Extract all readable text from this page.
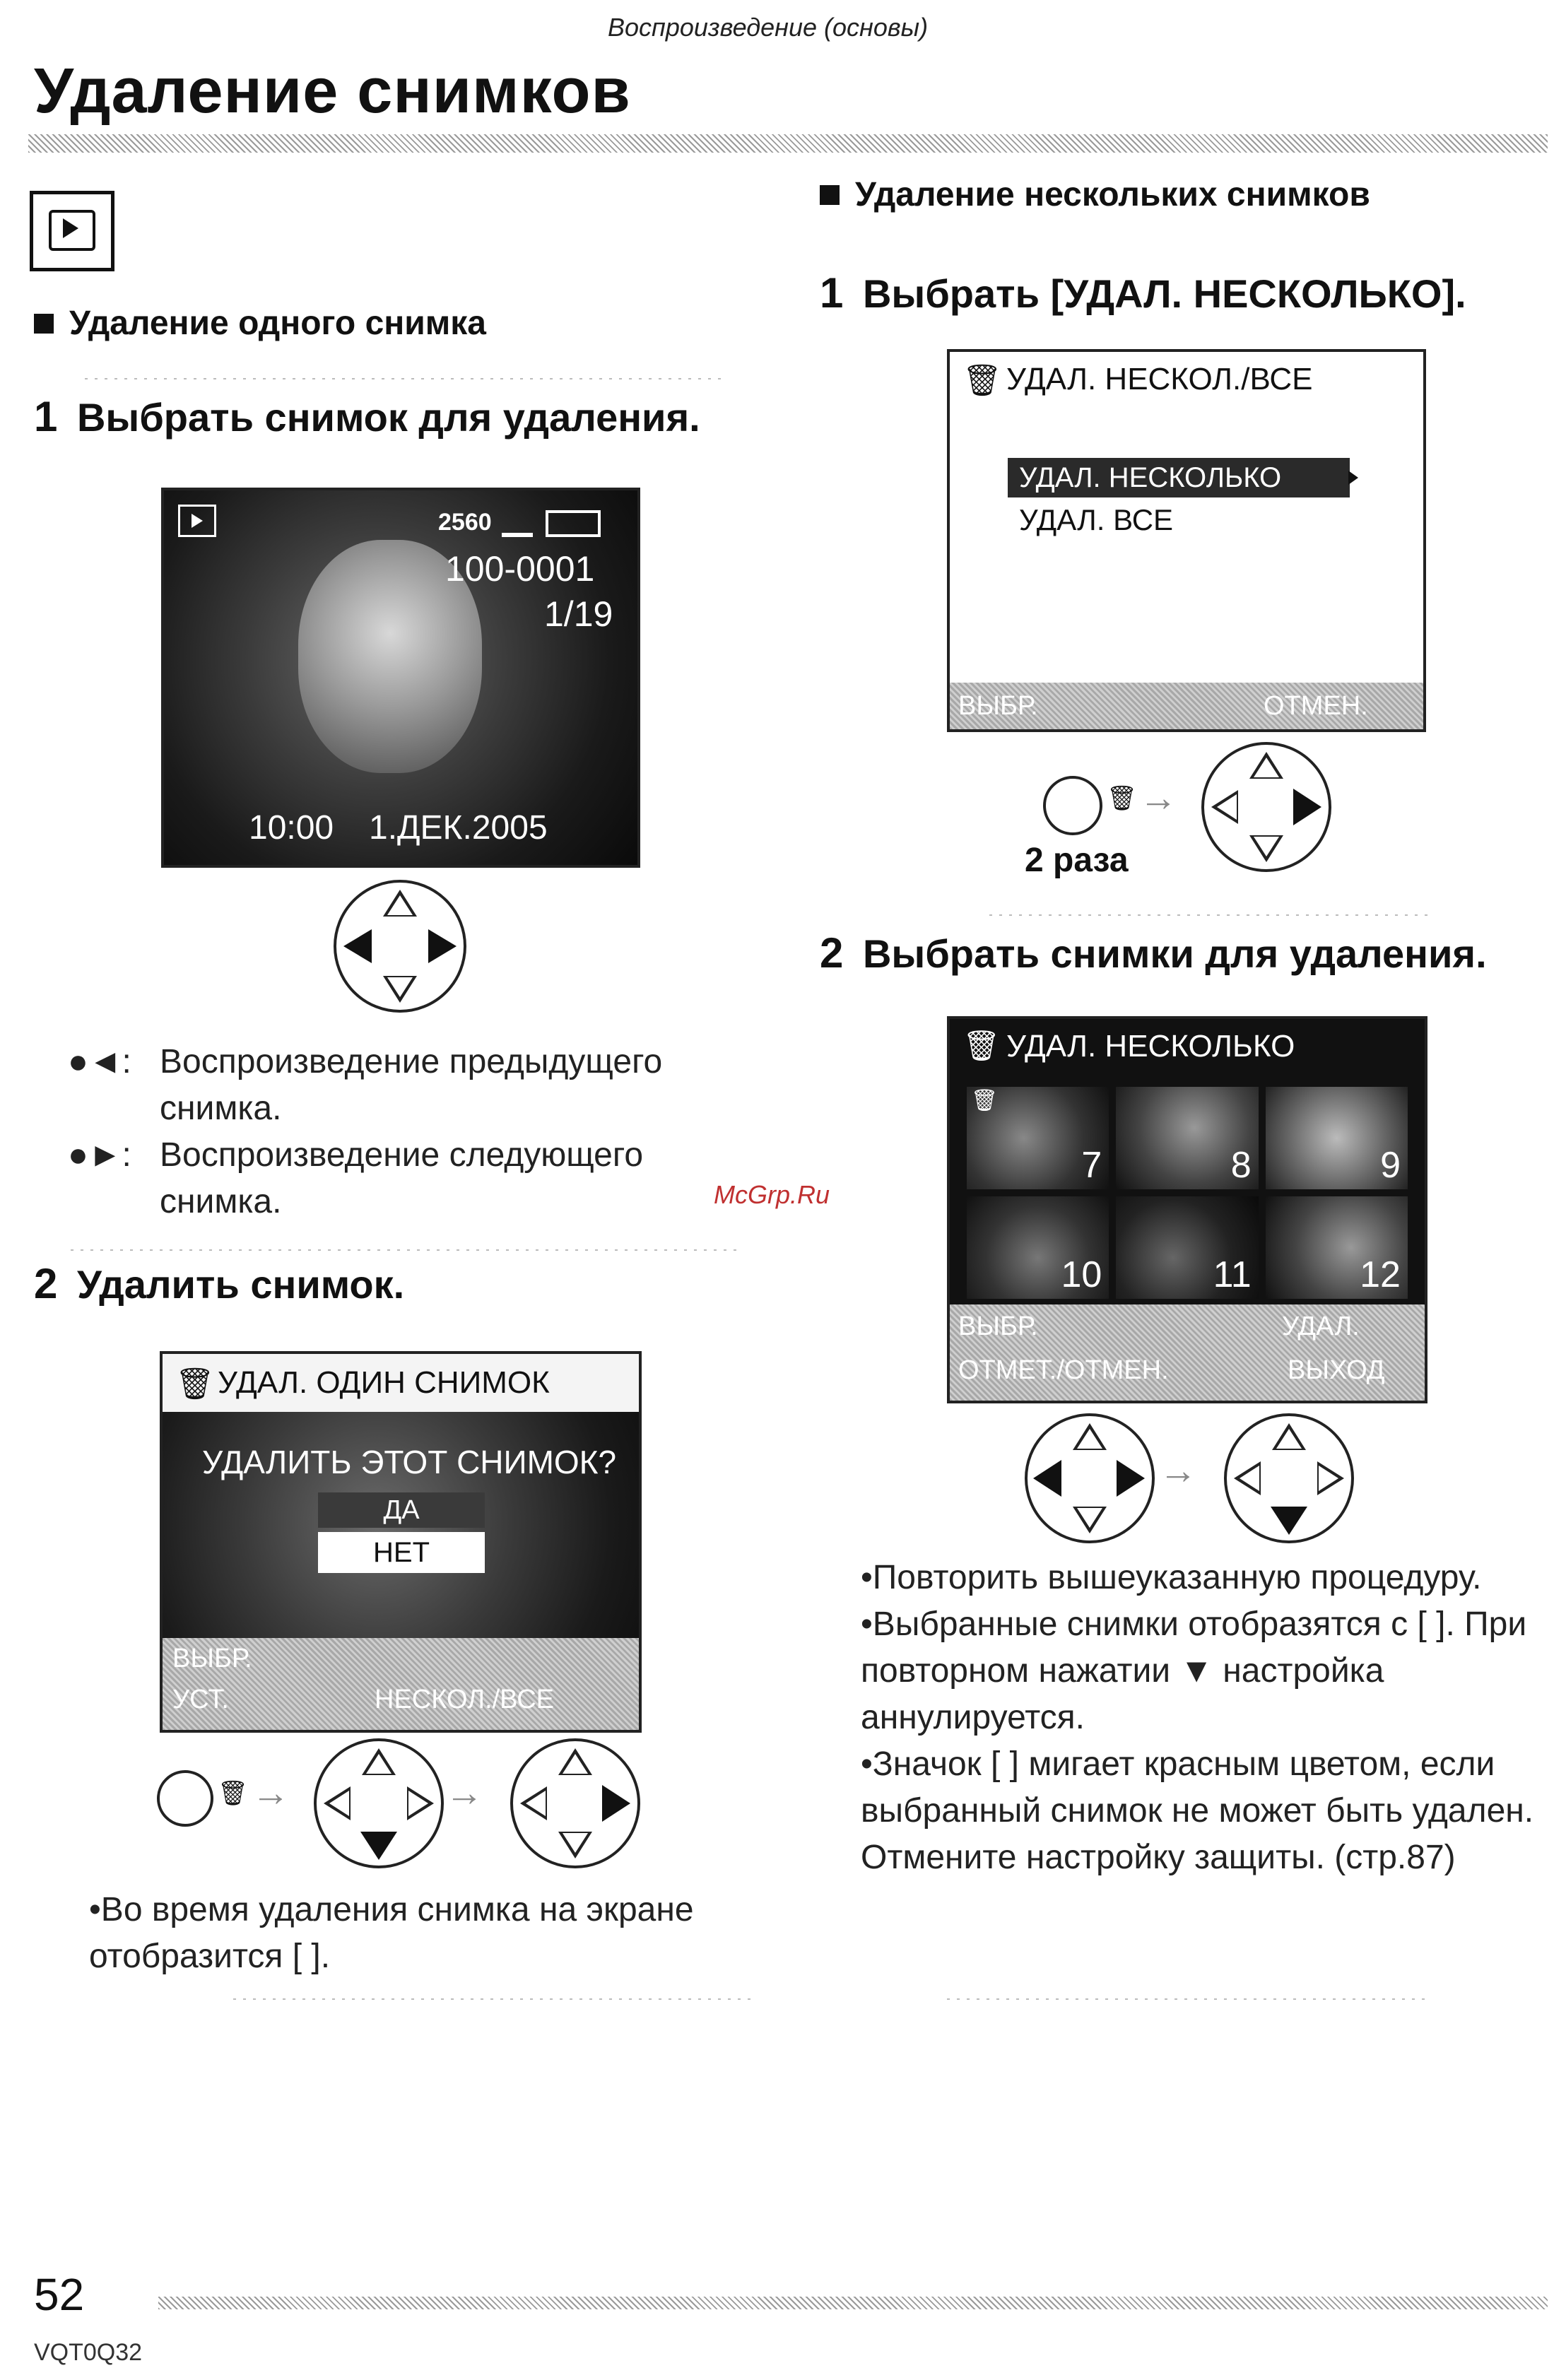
Воспроизведение (основы)
Удаление снимков
Удаление одного снимка
1 Выбрать снимок для удаления.
2560
100-0001
1/19
10:00 1.ДЕК.2005
●◄: Воспроизведение предыдущего снимка.
●►: Воспроизведение следующего снимка.
2 Удалить снимок.
🗑 УДАЛ. ОДИН СНИМОК
УДАЛИТЬ ЭТОТ СНИМОК?
ДА
НЕТ
ВЫБР.
УСТ.	НЕСКОЛ./ВСЕ
🗑 →	→
•Во время удаления снимка на экране отобразится [ ].
Удаление нескольких снимков
1 Выбрать [УДАЛ. НЕСКОЛЬКО].
🗑 УДАЛ. НЕСКОЛ./ВСЕ
УДАЛ. НЕСКОЛЬКО
УДАЛ. ВСЕ
ВЫБР.	ОТМЕН.
🗑 →
2 раза
2 Выбрать снимки для удаления.
🗑 УДАЛ. НЕСКОЛЬКО
🗑
7	8	9
10	11	12
ВЫБР.	УДАЛ.
ОТМЕТ./ОТМЕН.	ВЫХОД
→
•Повторить вышеуказанную процедуру.
•Выбранные снимки отобразятся с [ ]. При повторном нажатии ▼ настройка аннулируется.
•Значок [ ] мигает красным цветом, если выбранный снимок не может быть удален. Отмените настройку защиты. (стр.87)
McGrp.Ru
52
VQT0Q32
